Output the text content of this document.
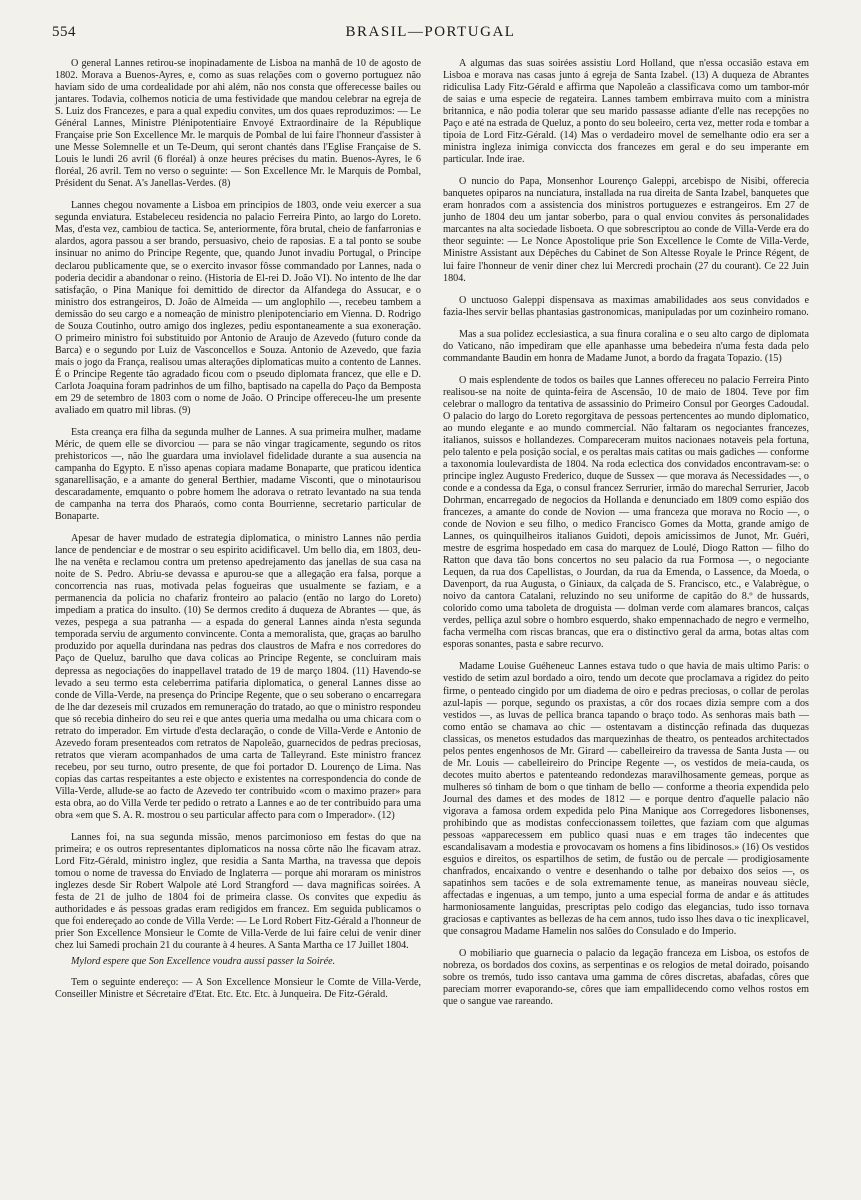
554	BRASIL—PORTUGAL

O general Lannes retirou-se inopinadamente de Lisboa na manhã de 10 de agosto de 1802. Morava a Buenos-Ayres, e, como as suas relações com o governo portuguez não haviam sido de uma cordealidade por ahi além, não nos consta que offerecesse bailes ou jantares. Todavia, colhemos noticia de uma festividade que mandou celebrar na egreja de S. Luiz dos Francezes, e para a qual expediu convites, um dos quaes reproduzimos: — Le Général Lannes, Ministre Plénipotentiaire Envoyé Extraordinaire de la République Française prie Son Excellence Mr. le marquis de Pombal de lui faire l'honneur d'assister à une Messe Solemnelle et un Te-Deum, qui seront chantés dans l'Eglise Française de S. Louis le lundi 26 avril (6 floréal) à onze heures précises du matin. Buenos-Ayres, le 6 floréal, 26 avril. Tem no verso o seguinte: — Son Excellence Mr. le Marquis de Pombal, Président du Senat. A's Janellas-Verdes. (8)

Lannes chegou novamente a Lisboa em principios de 1803, onde veiu exercer a sua segunda enviatura. Estabeleceu residencia no palacio Ferreira Pinto, ao largo do Loreto. Mas, d'esta vez, cambiou de tactica. Se, anteriormente, fôra brutal, cheio de fanfarronias e alardos, agora passou a ser brando, persuasivo, cheio de raposias. E a tal ponto se soube insinuar no animo do Principe Regente, que, quando Junot invadiu Portugal, o Principe declarou publicamente que, se o exercito invasor fôsse commandado por Lannes, nada o poderia decidir a abandonar o reino. (Historia de El-rei D. João VI). No intento de lhe dar satisfação, o Pina Manique foi demittido de director da Alfandega do Assucar, e o ministro dos estrangeiros, D. João de Almeida — um anglophilo —, recebeu tambem a demissão do seu cargo e a nomeação de ministro plenipotenciario em Vienna. D. Rodrigo de Souza Coutinho, outro amigo dos inglezes, pediu espontaneamente a sua exoneração. O primeiro ministro foi substituido por Antonio de Araujo de Azevedo (futuro conde da Barca) e o segundo por Luiz de Vasconcellos e Souza. Antonio de Azevedo, que fazia mais o jogo da França, realisou umas alterações diplomaticas muito a contento de Lannes. É o Principe Regente tão agradado ficou com o pseudo diplomata francez, que elle e D. Carlota Joaquina foram padrinhos de um filho, baptisado na capella do Paço da Bemposta em 29 de setembro de 1803 com o nome de João. O Principe offereceu-lhe um presente avaliado em quatro mil libras. (9)

Esta creança era filha da segunda mulher de Lannes. A sua primeira mulher, madame Méric, de quem elle se divorciou — para se não vingar tragicamente, segundo os ritos prehistoricos —, não lhe guardara uma inviolavel fidelidade durante a sua ausencia na campanha do Egypto. E n'isso apenas copiara madame Bonaparte, que praticou identica sganarellisação, e a amante do general Berthier, madame Visconti, que o minotaurisou descaradamente, emquanto o pobre homem lhe adorava o retrato levantado na sua tenda de campanha na terra dos Pharaós, como conta Bourrienne, secretario particular de Bonaparte.

Apesar de haver mudado de estrategia diplomatica, o ministro Lannes não perdia lance de pendenciar e de mostrar o seu espirito acidificavel. Um bello dia, em 1803, deu-lhe na venêta e reclamou contra um pretenso apedrejamento das janellas de sua casa na noite de S. Pedro. Abriu-se devassa e apurou-se que a allegação era falsa, porque a concorrencia nas ruas, motivada pelas fogueiras que usualmente se faziam, e a permanencia da policia no chafariz fronteiro ao palacio (então no largo do Loreto) impediam a pratica do insulto. (10) Se dermos credito á duqueza de Abrantes — que, ás vezes, pespega a sua patranha — a espada do general Lannes ainda n'esta segunda temporada serviu de argumento convincente. Conta a memoralista, que, graças ao barulho produzido por aquella durindana nas pedras dos claustros de Mafra e nos corredores do Paço de Queluz, barulho que dava colicas ao Principe Regente, se concluiram mais depressa as negociações do inappellavel tratado de 19 de março 1804. (11) Havendo-se levado a seu termo esta celeberrima patifaria diplomatica, o general Lannes disse ao conde de Villa-Verde, na presença do Principe Regente, que o seu soberano o encarregara de lhe dar dezeseis mil cruzados em remuneração do tratado, ao que o ministro respondeu que só recebia dinheiro do seu rei e que antes queria uma medalha ou uma chicara com o retrato do imperador. Em virtude d'esta declaração, o conde de Villa-Verde e Antonio de Azevedo foram presenteados com retratos de Napoleão, guarnecidos de pedras preciosas, retratos que vieram acompanhados de uma carta de Talleyrand. Este ministro francez recebeu, por seu turno, outro presente, de que foi portador D. Lourenço de Lima. Nas copias das cartas respeitantes a este objecto e existentes na correspondencia do conde de Villa-Verde, allude-se ao facto de Azevedo ter contribuido «com o maximo prazer» para esta obra, ao do Villa Verde ter pedido o retrato a Lannes e ao de ter contribuido para uma obra «em que S. A. R. mostrou o seu particular affecto para com o Imperador». (12)

Lannes foi, na sua segunda missão, menos parcimonioso em festas do que na primeira; e os outros representantes diplomaticos na nossa côrte não lhe ficavam atraz. Lord Fitz-Gérald, ministro inglez, que residia a Santa Martha, na travessa que depois tomou o nome de travessa do Enviado de Inglaterra — porque ahi moraram os ministros inglezes desde Sir Robert Walpole até Lord Strangford — dava magnificas soirées. A festa de 21 de julho de 1804 foi de primeira classe. Os convites que expediu ás authoridades e ás pessoas gradas eram redigidos em francez. Em seguida publicamos o que foi endereçado ao conde de Villa Verde: — Le Lord Robert Fitz-Gérald a l'honneur de prier Son Excellence Monsieur le Comte de Villa-Verde de lui faire celui de venir diner chez lui Samedi prochain 21 du courante à 4 heures. A Santa Martha ce 17 Juillet 1804.

Mylord espere que Son Excellence voudra aussi passer la Soirée.

Tem o seguinte endereço: — A Son Excellence Monsieur le Comte de Villa-Verde, Conseiller Ministre et Sécretaire d'Etat. Etc. Etc. Etc. à Junqueira. De Fitz-Gérald.

A algumas das suas soirées assistiu Lord Holland, que n'essa occasião estava em Lisboa e morava nas casas junto á egreja de Santa Izabel. (13) A duqueza de Abrantes ridiculisa Lady Fitz-Gérald e affirma que Napoleão a classificava como um tambor-mór de saias e uma especie de regateira. Lannes tambem embirrava muito com a ministra britannica, e não podia tolerar que seu marido passasse adiante d'elle nas recepções no Paço e até na estrada de Queluz, a ponto do seu boleeiro, certa vez, metter roda e tombar a tipoia de Lord Fitz-Gérald. (14) Mas o verdadeiro movel de semelhante odio era ser a ministra ingleza inimiga conviccta dos francezes em geral e do seu imperante em particular. Inde irae.

O nuncio do Papa, Monsenhor Lourenço Galeppi, arcebispo de Nisibi, offerecia banquetes opiparos na nunciatura, installada na rua direita de Santa Izabel, banquetes que eram honrados com a assistencia dos ministros portuguezes e estrangeiros. Em 27 de junho de 1804 deu um jantar soberbo, para o qual enviou convites ás personalidades marcantes na alta sociedade lisboeta. O que sobrescriptou ao conde de Villa-Verde era do theor seguinte: — Le Nonce Apostolique prie Son Excellence le Comte de Villa-Verde, Ministre Assistant aux Dépêches du Cabinet de Son Altesse Royale le Prince Régent, de lui faire l'honneur de venir diner chez lui Mercredi prochain (27 du courant). Ce 22 Juin 1804.

O unctuoso Galeppi dispensava as maximas amabilidades aos seus convidados e fazia-lhes servir bellas phantasias gastronomicas, manipuladas por um cozinheiro romano.

Mas a sua polidez ecclesiastica, a sua finura coralina e o seu alto cargo de diplomata do Vaticano, não impediram que elle apanhasse uma bebedeira n'uma festa dada pelo commandante Baudin em honra de Madame Junot, a bordo da fragata Topazio. (15)

O mais esplendente de todos os bailes que Lannes offereceu no palacio Ferreira Pinto realisou-se na noite de quinta-feira de Ascensão, 10 de maio de 1804. Teve por fim celebrar o mallogro da tentativa de assassinio do Primeiro Consul por Georges Cadoudal. O palacio do largo do Loreto regorgitava de pessoas pertencentes ao mundo diplomatico, ao mundo elegante e ao mundo commercial. Não faltaram os negociantes francezes, italianos, suissos e hollandezes. Compareceram muitos nacionaes notaveis pela fortuna, pelo talento e pela posição social, e os peraltas mais catitas ou mais gadiches — conforme a taxonomia loulevardista de 1804. Na roda eclectica dos convidados encontravam-se: o principe inglez Augusto Frederico, duque de Sussex — que morava ás Necessidades —, o conde e a condessa da Ega, o consul francez Serrurier, irmão do marechal Serrurier, Jacob Dohrman, encarregado de negocios da Hollanda e denunciado em 1809 como espião dos francezes, a amante do conde de Novion — uma franceza que morava no Rocio —, o conde de Novion e seu filho, o medico Francisco Gomes da Motta, grande amigo de Lannes, os quinquilheiros italianos Guidoti, depois amicissimos de Junot, Mr. Guéri, mestre de esgrima hospedado em casa do marquez de Loulé, Diogo Ratton — filho do Ratton que dava tão bons concertos no seu palacio da rua Formosa —, o negociante Lequen, da rua dos Capellistas, o Jourdan, da rua da Emenda, o Lassence, da Moeda, o Davenport, da rua Augusta, o Giniaux, da calçada de S. Francisco, etc., e Valabrègue, o noivo da cantora Catalani, reluzindo no seu uniforme de capitão do 8.º de hussards, colorido como uma taboleta de droguista — dolman verde com alamares brancos, calças verdes, pelliça azul sobre o hombro esquerdo, shako empennachado de negro e vermelho, facha vermelha com riscas brancas, que era o distinctivo geral da arma, botas altas com esporas sonantes, pasta e sabre recurvo.

Madame Louise Guéheneuc Lannes estava tudo o que havia de mais ultimo Paris: o vestido de setim azul bordado a oiro, tendo um decote que proclamava a rigidez do peito firme, o penteado cingido por um diadema de oiro e pedras preciosas, o collar de perolas azul-lapis — porque, segundo os praxistas, a côr dos rocaes dizia sempre com a dos vestidos —, as luvas de pellica branca tapando o braço todo. As senhoras mais bath — como então se chamava ao chic — ostentavam a distincção refinada das duquezas classicas, os menetos estudados das marquezinhas de theatro, os penteados architectados pelos pentes engenhosos de Mr. Girard — cabelleireiro da travessa de Santa Justa — ou de Mr. Louis — cabelleireiro do Principe Regente —, os vestidos de meia-cauda, os decotes muito abertos e patenteando redondezas maravilhosamente gemeas, porque as mulheres só tinham de bom o que tinham de bello — conforme a theoria expendida pelo Journal des dames et des modes de 1812 — e porque dentro d'aquelle palacio não vigorava a famosa ordem expedida pelo Pina Manique aos Corregedores lisbonenses, prohibindo que as modistas confeccionassem toilettes, que faziam com que algumas pessoas «apparecessem em publico quasi nuas e em trages tão indecentes que escandalisavam a modestia e provocavam os homens a fins libidinosos.» (16) Os vestidos esguios e direitos, os espartilhos de setim, de fustão ou de percale — prodigiosamente chanfrados, encaixando o ventre e desenhando o talhe por debaixo dos seios —, os sapatinhos sem tacões e de sola extremamente tenue, as maneiras nouveau siècle, affectadas e ingenuas, a um tempo, junto a uma especial forma de andar e ás attitudes harmoniosamente languidas, prescriptas pelo codigo das elegancias, tudo isso tornava graciosas e captivantes as bellezas de ha cem annos, tudo isso lhes dava o tic inexplicavel, que consagrou Madame Hamelin nos salões do Consulado e do Imperio.

O mobiliario que guarnecia o palacio da legação franceza em Lisboa, os estofos de nobreza, os bordados dos coxins, as serpentinas e os relogios de metal doirado, poisando sobre os tremós, tudo isso cantava uma gamma de côres discretas, abafadas, côres que pareciam morrer evaporando-se, côres que iam empallidecendo como velhos rostos em que o sangue vae rareando.
